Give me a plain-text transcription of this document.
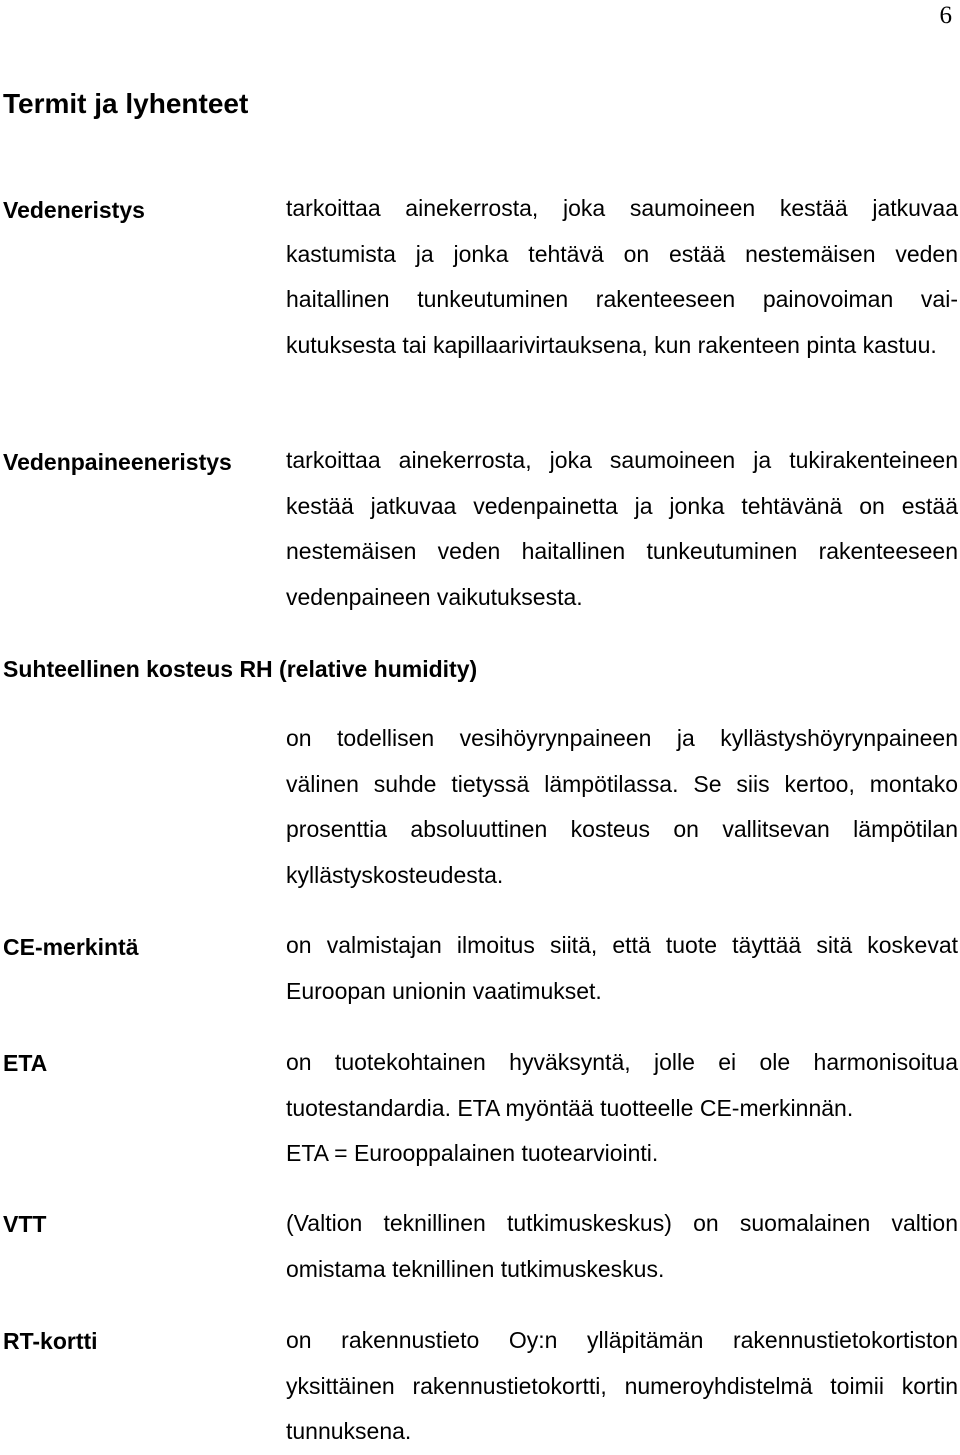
6
Termit ja lyhenteet
Vedeneristys	tarkoittaa ainekerrosta, joka saumoineen kestää jatkuvaa kastumista ja jonka tehtävä on estää nestemäisen veden haitallinen tunkeutuminen rakenteeseen painovoiman vaikutuksesta tai kapillaarivirtauksena, kun rakenteen pinta kastuu.

Vedenpaineeneristys tarkoittaa ainekerrosta, joka saumoineen ja tukirakenteineen kestää jatkuvaa vedenpainetta ja jonka tehtävänä on estää nestemäisen veden haitallinen tunkeutuminen rakenteeseen vedenpaineen vaikutuksesta.

Suhteellinen kosteus RH (relative humidity)

on todellisen vesihöyrynpaineen ja kyllästyshöyrynpaineen välinen suhde tietyssä lämpötilassa. Se siis kertoo, montako prosenttia absoluuttinen kosteus on vallitsevan lämpötilan kyllästyskosteudesta.

CE-merkintä	on valmistajan ilmoitus siitä, että tuote täyttää sitä koskevat Euroopan unionin vaatimukset.

ETA	on tuotekohtainen hyväksyntä, jolle ei ole harmonisoitua tuotestandardia. ETA myöntää tuotteelle CE-merkinnän.
ETA = Eurooppalainen tuotearviointi.
VTT	(Valtion teknillinen tutkimuskeskus) on suomalainen valtion omistama teknillinen tutkimuskeskus.

RT-kortti	on rakennustieto Oy:n ylläpitämän rakennustietokortiston yksittäinen rakennustietokortti, numeroyhdistelmä toimii kortin tunnuksena.
